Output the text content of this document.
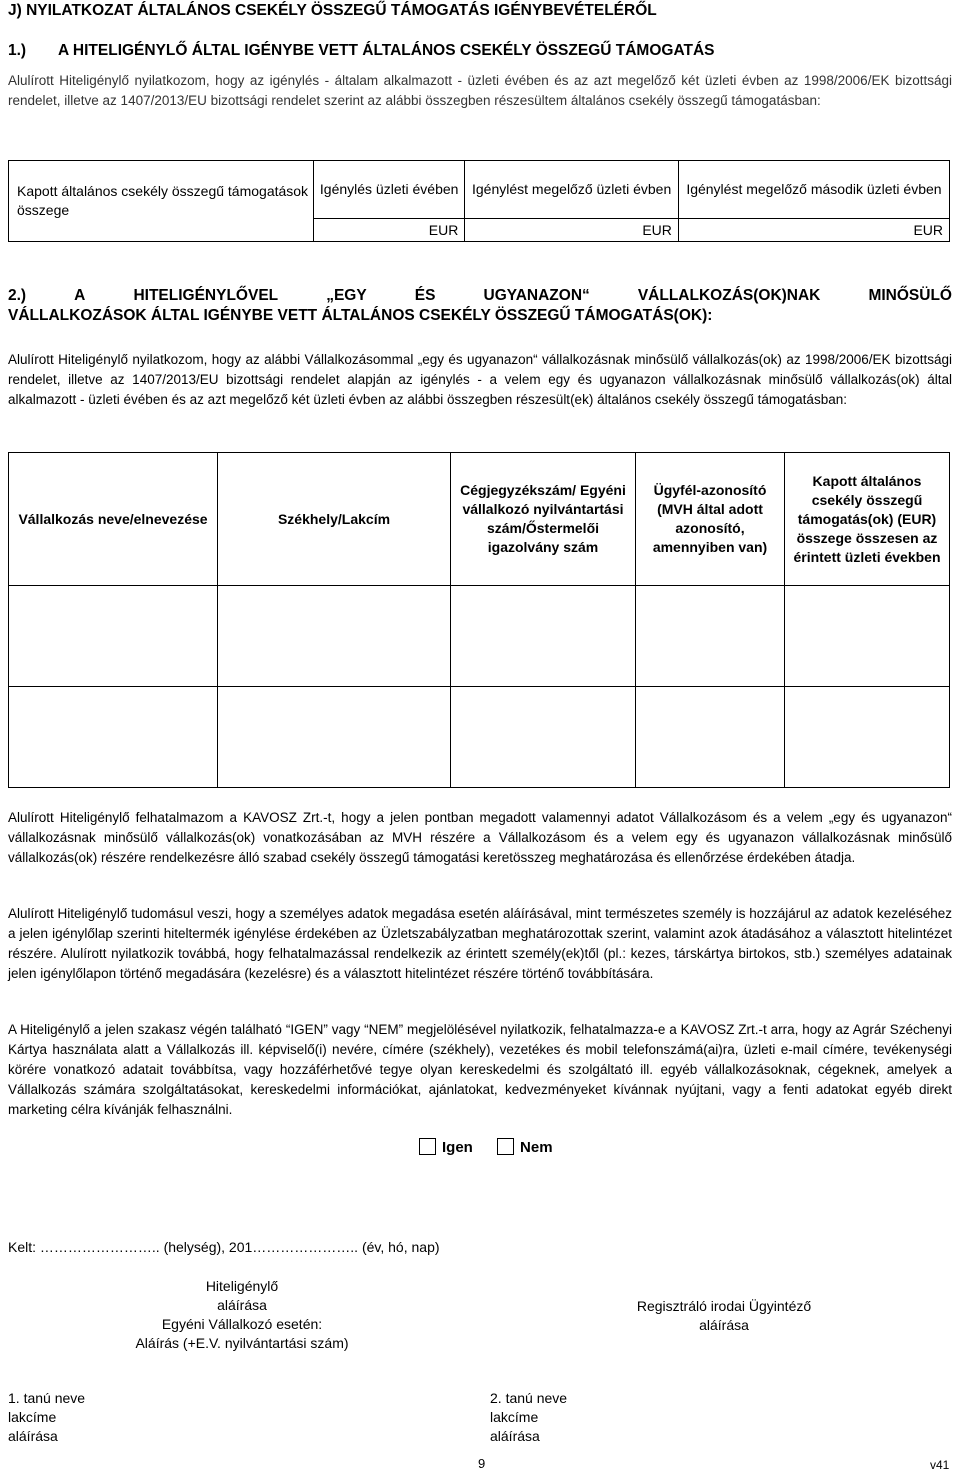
J) NYILATKOZAT ÁLTALÁNOS CSEKÉLY ÖSSZEGŰ TÁMOGATÁS IGÉNYBEVÉTELÉRŐL
1.) A HITELIGÉNYLŐ ÁLTAL IGÉNYBE VETT ÁLTALÁNOS CSEKÉLY ÖSSZEGŰ TÁMOGATÁS
Alulírott Hiteligénylő nyilatkozom, hogy az igénylés - általam alkalmazott - üzleti évében és az azt megelőző két üzleti évben az 1998/2006/EK bizottsági rendelet, illetve az 1407/2013/EU bizottsági rendelet szerint az alábbi összegben részesültem általános csekély összegű támogatásban:
Kapott általános csekély összegű támogatások összege	Igénylés üzleti évében	Igénylést megelőző üzleti évben	Igénylést megelőző második üzleti évben
	EUR	EUR	EUR
2.)	A	HITELIGÉNYLŐVEL	„EGY	ÉS	UGYANAZON“	VÁLLALKOZÁS(OK)NAK	MINŐSÜLŐ
VÁLLALKOZÁSOK ÁLTAL IGÉNYBE VETT ÁLTALÁNOS CSEKÉLY ÖSSZEGŰ TÁMOGATÁS(OK):
Alulírott Hiteligénylő nyilatkozom, hogy az alábbi Vállalkozásommal „egy és ugyanazon“ vállalkozásnak minősülő vállalkozás(ok) az 1998/2006/EK bizottsági rendelet, illetve az 1407/2013/EU bizottsági rendelet alapján az igénylés - a velem egy és ugyanazon vállalkozásnak minősülő vállalkozás(ok) által alkalmazott - üzleti évében és az azt megelőző két üzleti évben az alábbi összegben részesült(ek) általános csekély összegű támogatásban:
Vállalkozás neve/elnevezése	Székhely/Lakcím	Cégjegyzékszám/ Egyéni vállalkozó nyilvántartási szám/Őstermelői igazolvány szám	Ügyfél-azonosító (MVH által adott azonosító, amennyiben van)	Kapott általános csekély összegű támogatás(ok) (EUR) összege összesen az érintett üzleti években

Alulírott Hiteligénylő felhatalmazom a KAVOSZ Zrt.-t, hogy a jelen pontban megadott valamennyi adatot Vállalkozásom és a velem „egy és ugyanazon“ vállalkozásnak minősülő vállalkozás(ok) vonatkozásában az MVH részére a Vállalkozásom és a velem egy és ugyanazon vállalkozásnak minősülő vállalkozás(ok) részére rendelkezésre álló szabad csekély összegű támogatási keretösszeg meghatározása és ellenőrzése érdekében átadja.
Alulírott Hiteligénylő tudomásul veszi, hogy a személyes adatok megadása esetén aláírásával, mint természetes személy is hozzájárul az adatok kezeléséhez a jelen igénylőlap szerinti hiteltermék igénylése érdekében az Üzletszabályzatban meghatározottak szerint, valamint azok átadásához a választott hitelintézet részére. Alulírott nyilatkozik továbbá, hogy felhatalmazással rendelkezik az érintett személy(ek)től (pl.: kezes, társkártya birtokos, stb.) személyes adatainak jelen igénylőlapon történő megadására (kezelésre) és a választott hitelintézet részére történő továbbítására.
A Hiteligénylő a jelen szakasz végén található “IGEN” vagy “NEM” megjelölésével nyilatkozik, felhatalmazza-e a KAVOSZ Zrt.-t arra, hogy az Agrár Széchenyi Kártya használata alatt a Vállalkozás ill. képviselő(i) nevére, címére (székhely), vezetékes és mobil telefonszámá(ai)ra, üzleti e-mail címére, tevékenységi körére vonatkozó adatait továbbítsa, vagy hozzáférhetővé tegye olyan kereskedelmi és szolgáltató ill. egyéb vállalkozásoknak, cégeknek, amelyek a Vállalkozás számára szolgáltatásokat, kereskedelmi információkat, ajánlatokat, kedvezményeket kívánnak nyújtani, vagy a fenti adatokat egyéb direkt marketing célra kívánják felhasználni.
Igen	Nem
Kelt: …………………….. (helység), 201………………….. (év, hó, nap)
Hiteligénylő
aláírása
Egyéni Vállalkozó esetén:
Aláírás (+E.V. nyilvántartási szám)
Regisztráló irodai Ügyintéző
aláírása
1. tanú neve
lakcíme
aláírása
2. tanú neve
lakcíme
aláírása
9	v41
